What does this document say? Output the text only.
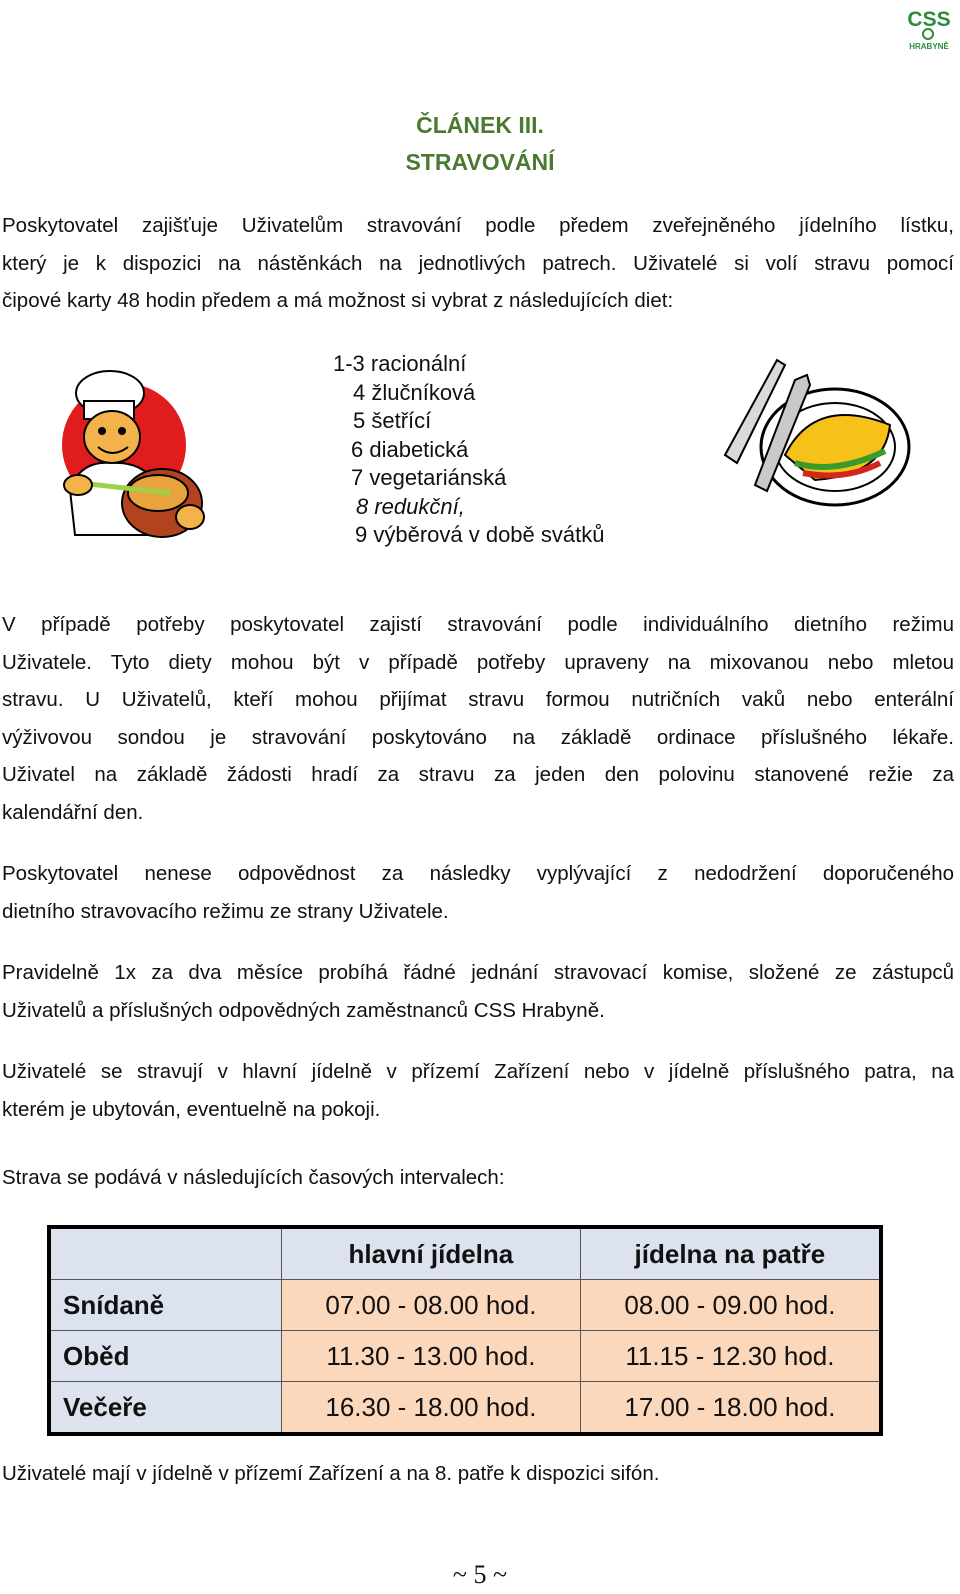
CSS
HRABYNĚ
ČLÁNEK III.
STRAVOVÁNÍ
Poskytovatel zajišťuje Uživatelům stravování podle předem zveřejněného jídelního lístku,
který je k dispozici na nástěnkách na jednotlivých patrech. Uživatelé si volí stravu pomocí
čipové karty 48 hodin předem a má možnost si vybrat z následujících diet:
1-3 racionální
4 žlučníková
5 šetřící
6 diabetická
7 vegetariánská
8 redukční,
9 výběrová v době svátků
V případě potřeby poskytovatel zajistí stravování podle individuálního dietního režimu
Uživatele. Tyto diety mohou být v případě potřeby upraveny na mixovanou nebo mletou
stravu. U Uživatelů, kteří mohou přijímat stravu formou nutričních vaků nebo enterální
výživovou sondou je stravování poskytováno na základě ordinace příslušného lékaře.
Uživatel na základě žádosti hradí za stravu za jeden den polovinu stanovené režie za
kalendářní den.
Poskytovatel nenese odpovědnost za následky vyplývající z nedodržení doporučeného
dietního stravovacího režimu ze strany Uživatele.
Pravidelně 1x za dva měsíce probíhá řádné jednání stravovací komise, složené ze zástupců
Uživatelů a příslušných odpovědných zaměstnanců CSS Hrabyně.
Uživatelé se stravují v hlavní jídelně v přízemí Zařízení nebo v jídelně příslušného patra, na
kterém je ubytován, eventuelně na pokoji.
Strava se podává v následujících časových intervalech:
	hlavní jídelna	jídelna na patře
Snídaně	07.00 - 08.00 hod.	08.00 - 09.00 hod.
Oběd	11.30 - 13.00 hod.	11.15 - 12.30 hod.
Večeře	16.30 - 18.00 hod.	17.00 - 18.00 hod.
Uživatelé mají v jídelně v přízemí Zařízení a na 8. patře k dispozici sifón.
~ 5 ~
